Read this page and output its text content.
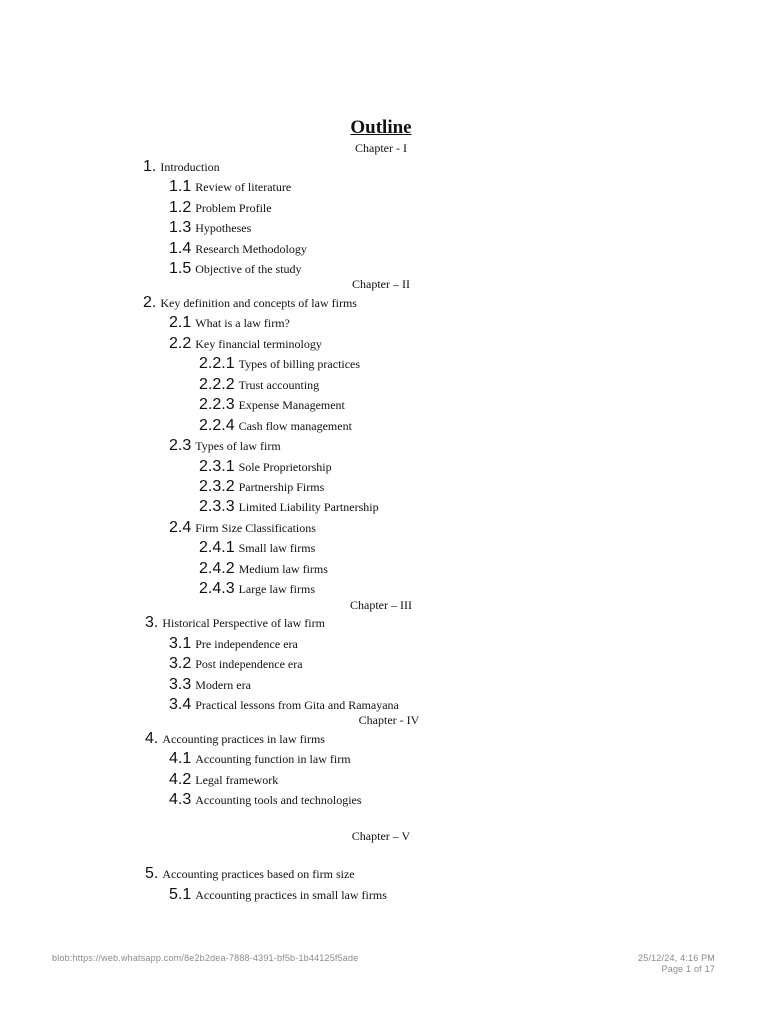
Outline
Chapter - I
1. Introduction
1.1 Review of literature
1.2 Problem Profile
1.3 Hypotheses
1.4 Research Methodology
1.5 Objective of the study
Chapter – II
2. Key definition and concepts of law firms
2.1 What is a law firm?
2.2 Key financial terminology
2.2.1 Types of billing practices
2.2.2 Trust accounting
2.2.3 Expense Management
2.2.4 Cash flow management
2.3 Types of law firm
2.3.1 Sole Proprietorship
2.3.2 Partnership Firms
2.3.3 Limited Liability Partnership
2.4 Firm Size Classifications
2.4.1 Small law firms
2.4.2 Medium law firms
2.4.3 Large law firms
Chapter – III
3. Historical Perspective of law firm
3.1 Pre independence era
3.2 Post independence era
3.3 Modern era
3.4 Practical lessons from Gita and Ramayana
Chapter - IV
4. Accounting practices in law firms
4.1 Accounting function in law firm
4.2 Legal framework
4.3 Accounting tools and technologies
Chapter – V
5. Accounting practices based on firm size
5.1 Accounting practices in small law firms
blob:https://web.whatsapp.com/8e2b2dea-7888-4391-bf5b-1b44125f5ade	25/12/24, 4:16 PM
Page 1 of 17
